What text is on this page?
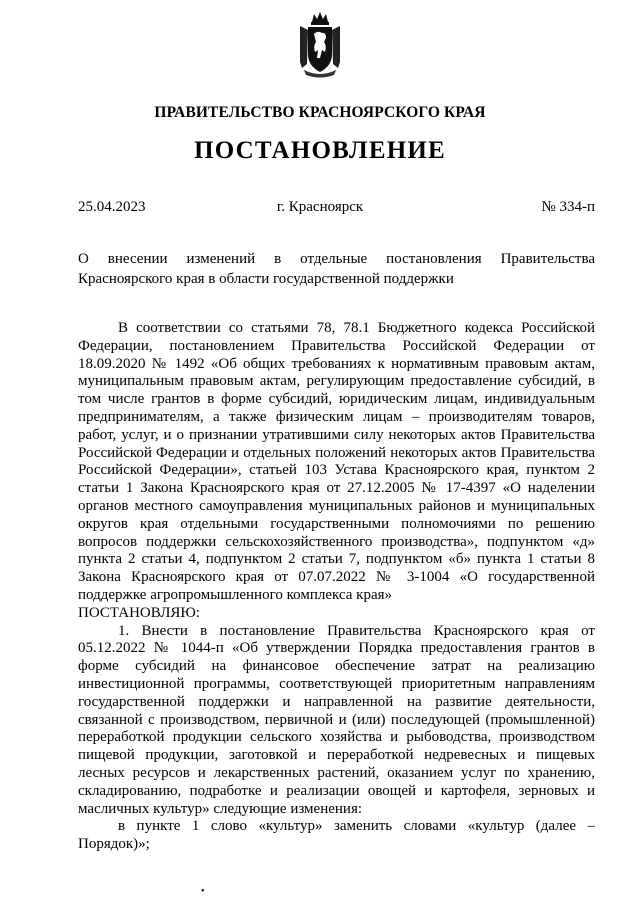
ПРАВИТЕЛЬСТВО КРАСНОЯРСКОГО КРАЯ
ПОСТАНОВЛЕНИЕ
25.04.2023	г. Красноярск	№ 334-п
О внесении изменений в отдельные постановления Правительства Красноярского края в области государственной поддержки

В соответствии со статьями 78, 78.1 Бюджетного кодекса Российской Федерации, постановлением Правительства Российской Федерации от 18.09.2020 № 1492 «Об общих требованиях к нормативным правовым актам, муниципальным правовым актам, регулирующим предоставление субсидий, в том числе грантов в форме субсидий, юридическим лицам, индивидуальным предпринимателям, а также физическим лицам – производителям товаров, работ, услуг, и о признании утратившими силу некоторых актов Правительства Российской Федерации и отдельных положений некоторых актов Правительства Российской Федерации», статьей 103 Устава Красноярского края, пунктом 2 статьи 1 Закона Красноярского края от 27.12.2005 № 17-4397 «О наделении органов местного самоуправления муниципальных районов и муниципальных округов края отдельными государственными полномочиями по решению вопросов поддержки сельскохозяйственного производства», подпунктом «д» пункта 2 статьи 4, подпунктом 2 статьи 7, подпунктом «б» пункта 1 статьи 8 Закона Красноярского края от 07.07.2022 № 3-1004 «О государственной поддержке агропромышленного комплекса края»

ПОСТАНОВЛЯЮ:

1. Внести в постановление Правительства Красноярского края от 05.12.2022 № 1044-п «Об утверждении Порядка предоставления грантов в форме субсидий на финансовое обеспечение затрат на реализацию инвестиционной программы, соответствующей приоритетным направлениям государственной поддержки и направленной на развитие деятельности, связанной с производством, первичной и (или) последующей (промышленной) переработкой продукции сельского хозяйства и рыбоводства, производством пищевой продукции, заготовкой и переработкой недревесных и пищевых лесных ресурсов и лекарственных растений, оказанием услуг по хранению, складированию, подработке и реализации овощей и картофеля, зерновых и масличных культур» следующие изменения:

в пункте 1 слово «культур» заменить словами «культур (далее – Порядок)»;

•
